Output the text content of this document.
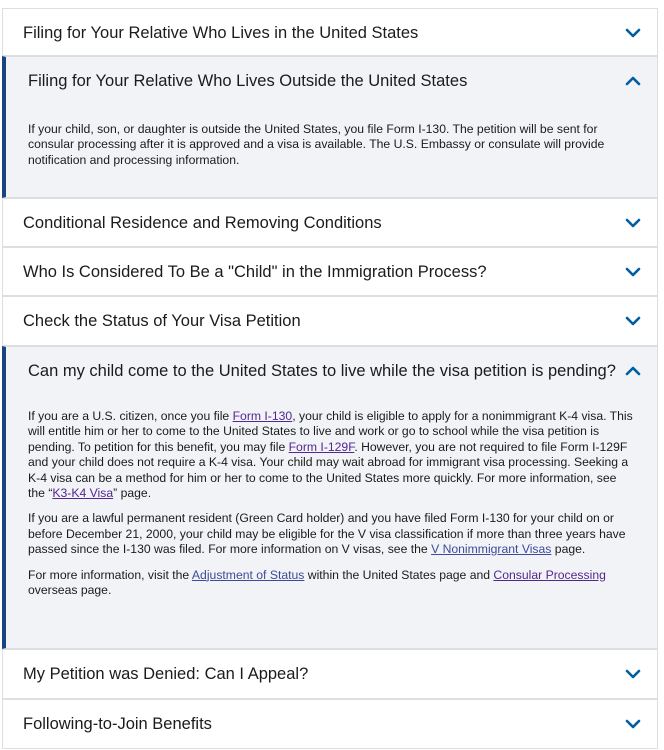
Filing for Your Relative Who Lives in the United States
Filing for Your Relative Who Lives Outside the United States

If your child, son, or daughter is outside the United States, you file Form I-130. The petition will be sent for consular processing after it is approved and a visa is available. The U.S. Embassy or consulate will provide notification and processing information.

Conditional Residence and Removing Conditions
Who Is Considered To Be a "Child" in the Immigration Process?
Check the Status of Your Visa Petition
Can my child come to the United States to live while the visa petition is pending?

If you are a U.S. citizen, once you file Form I-130, your child is eligible to apply for a nonimmigrant K-4 visa. This will entitle him or her to come to the United States to live and work or go to school while the visa petition is pending. To petition for this benefit, you may file Form I-129F. However, you are not required to file Form I-129F and your child does not require a K-4 visa. Your child may wait abroad for immigrant visa processing. Seeking a K-4 visa can be a method for him or her to come to the United States more quickly. For more information, see the “K3-K4 Visa” page.

If you are a lawful permanent resident (Green Card holder) and you have filed Form I-130 for your child on or before December 21, 2000, your child may be eligible for the V visa classification if more than three years have passed since the I-130 was filed. For more information on V visas, see the V Nonimmigrant Visas page.

For more information, visit the Adjustment of Status within the United States page and Consular Processing overseas page.

My Petition was Denied: Can I Appeal?
Following-to-Join Benefits
